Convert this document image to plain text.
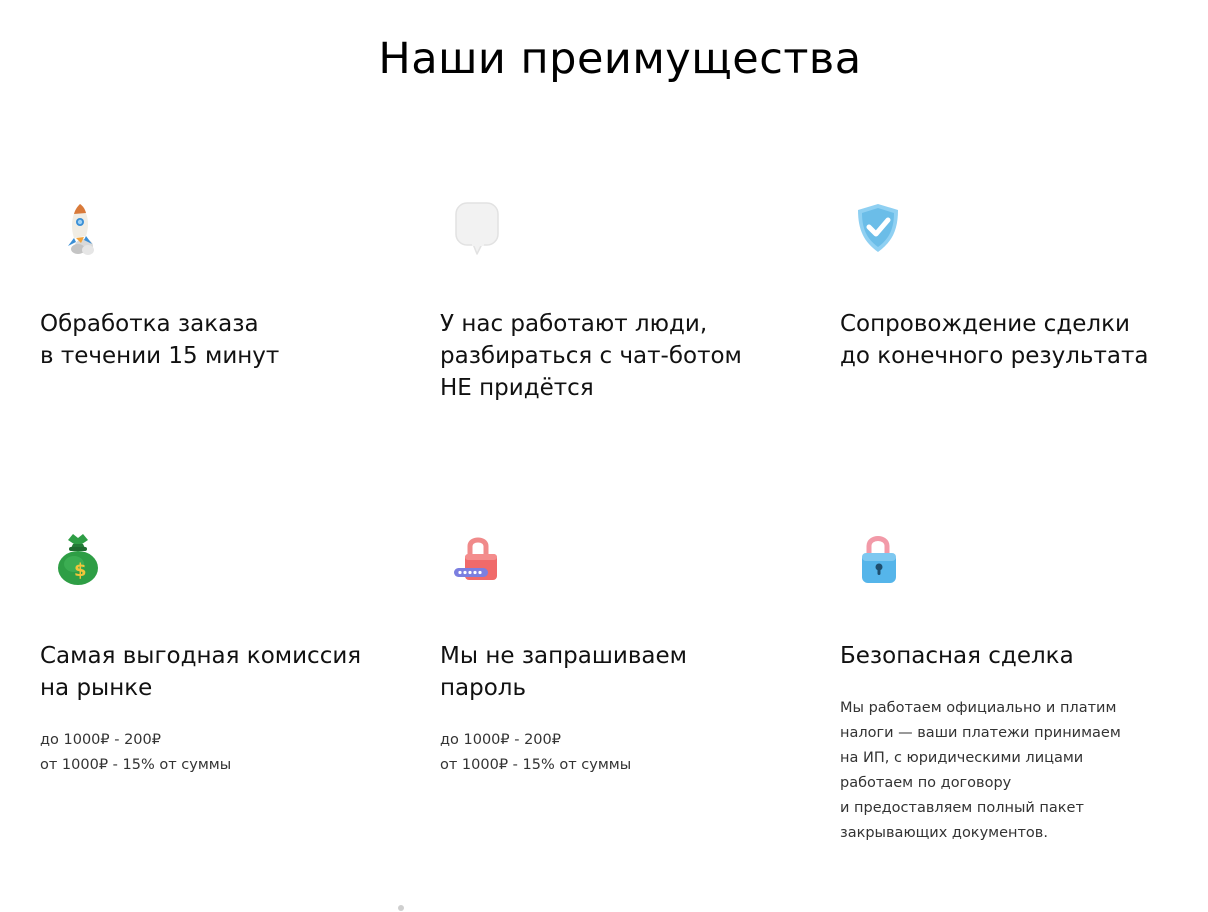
Наши преимущества

Обработка заказа
в течении 15 минут

У нас работают люди,
разбираться с чат-ботом
НЕ придётся

Сопровождение сделки
до конечного результата

$

Самая выгодная комиссия
на рынке

до 1000₽ - 200₽
от 1000₽ - 15% от суммы

Мы не запрашиваем
пароль

до 1000₽ - 200₽
от 1000₽ - 15% от суммы

Безопасная сделка

Мы работаем официально и платим
налоги — ваши платежи принимаем
на ИП, с юридическими лицами
работаем по договору
и предоставляем полный пакет
закрывающих документов.
